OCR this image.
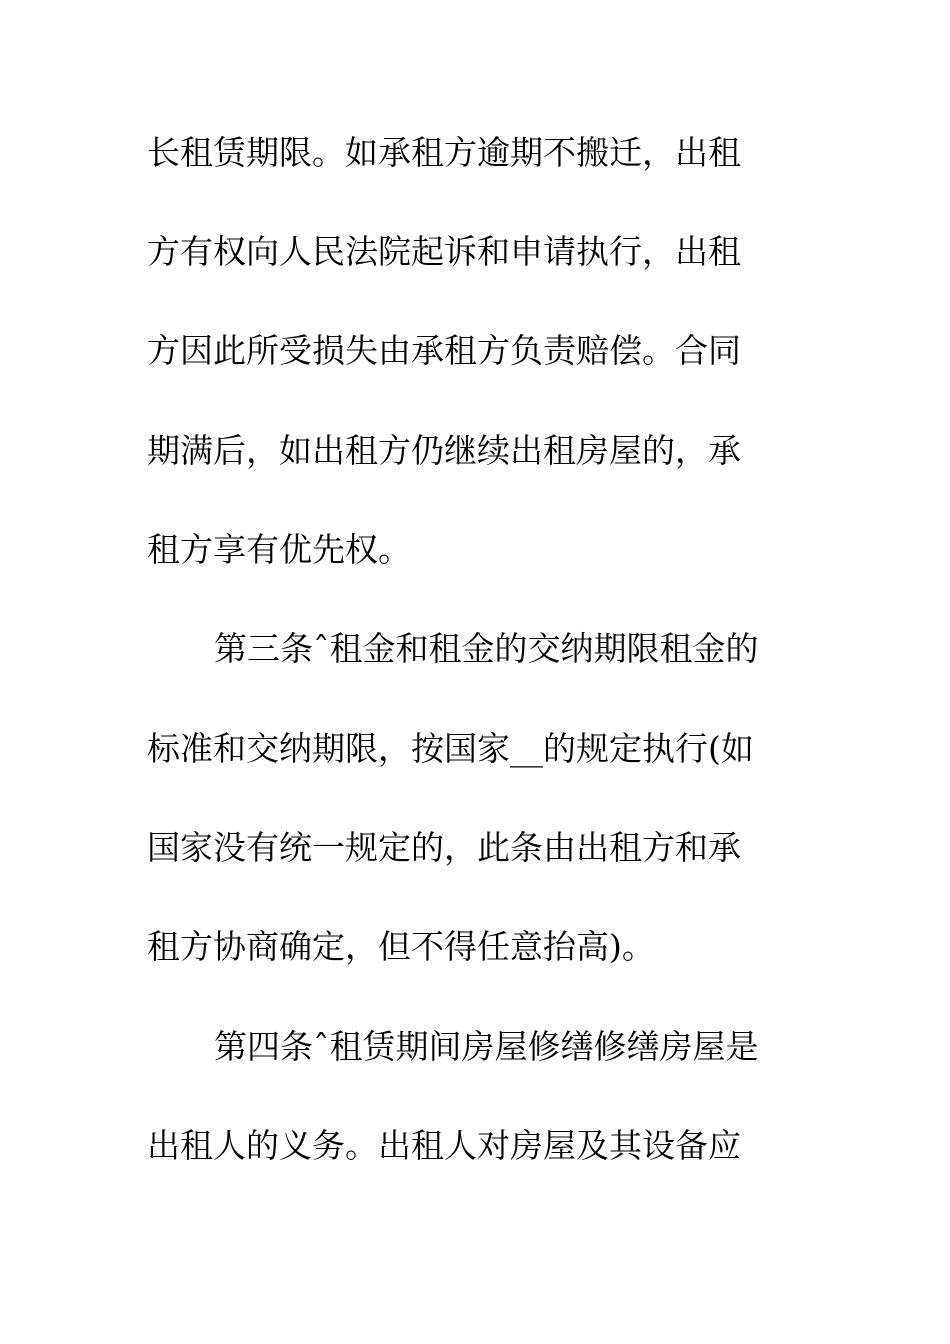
长租赁期限。如承租方逾期不搬迁，出租
方有权向人民法院起诉和申请执行，出租
方因此所受损失由承租方负责赔偿。合同
期满后，如出租方仍继续出租房屋的，承
租方享有优先权。
第三条ˆ租金和租金的交纳期限租金的
标准和交纳期限，按国家__的规定执行(如
国家没有统一规定的，此条由出租方和承
租方协商确定，但不得任意抬高)。
第四条ˆ租赁期间房屋修缮修缮房屋是
出租人的义务。出租人对房屋及其设备应
